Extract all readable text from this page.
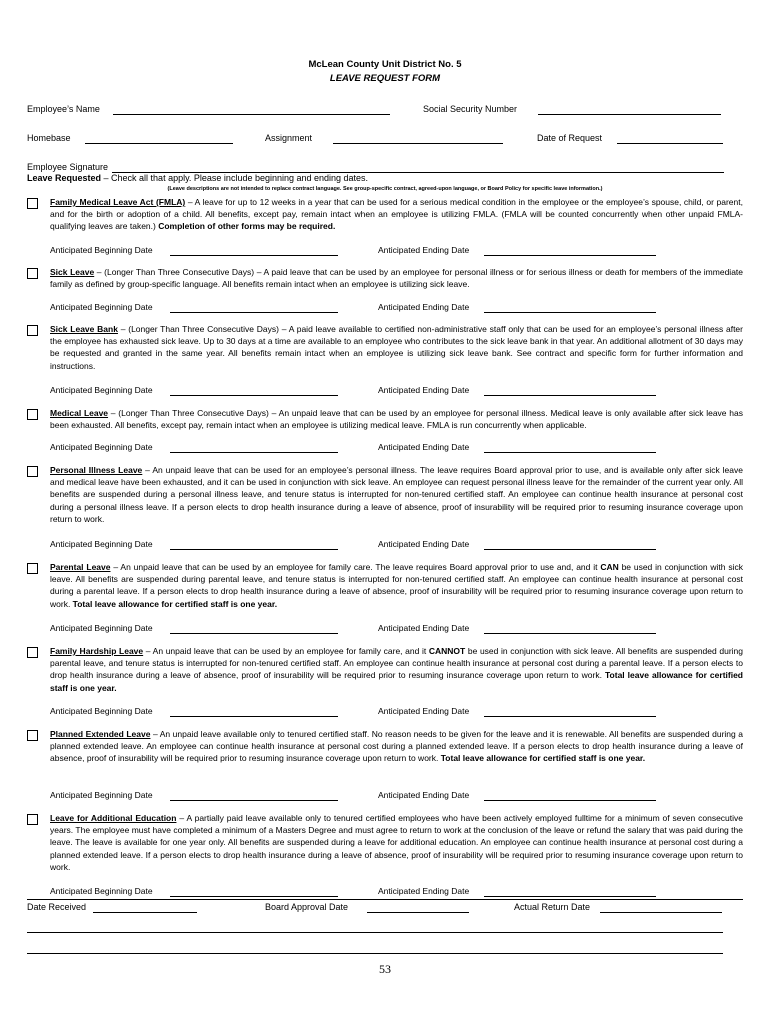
McLean County Unit District No. 5
LEAVE REQUEST FORM
Employee’s Name	Social Security Number
Homebase	Assignment	Date of Request
Employee Signature
Leave Requested – Check all that apply. Please include beginning and ending dates.
(Leave descriptions are not intended to replace contract language. See group-specific contract, agreed-upon language, or Board Policy for specific leave information.)
Family Medical Leave Act (FMLA) – A leave for up to 12 weeks in a year that can be used for a serious medical condition in the employee or the employee’s spouse, child, or parent, and for the birth or adoption of a child. All benefits, except pay, remain intact when an employee is utilizing FMLA. (FMLA will be counted concurrently when other unpaid FMLA-qualifying leaves are taken.) Completion of other forms may be required.
Anticipated Beginning Date	Anticipated Ending Date
Sick Leave – (Longer Than Three Consecutive Days) – A paid leave that can be used by an employee for personal illness or for serious illness or death for members of the immediate family as defined by group-specific language. All benefits remain intact when an employee is utilizing sick leave.
Anticipated Beginning Date	Anticipated Ending Date
Sick Leave Bank – (Longer Than Three Consecutive Days) – A paid leave available to certified non-administrative staff only that can be used for an employee’s personal illness after the employee has exhausted sick leave. Up to 30 days at a time are available to an employee who contributes to the sick leave bank in that year. An additional allotment of 30 days may be requested and granted in the same year. All benefits remain intact when an employee is utilizing sick leave bank. See contract and specific form for further information and instructions.
Anticipated Beginning Date	Anticipated Ending Date
Medical Leave – (Longer Than Three Consecutive Days) – An unpaid leave that can be used by an employee for personal illness. Medical leave is only available after sick leave has been exhausted. All benefits, except pay, remain intact when an employee is utilizing medical leave. FMLA is run concurrently when applicable.
Anticipated Beginning Date	Anticipated Ending Date
Personal Illness Leave – An unpaid leave that can be used for an employee’s personal illness. The leave requires Board approval prior to use, and is available only after sick leave and medical leave have been exhausted, and it can be used in conjunction with sick leave. An employee can request personal illness leave for the remainder of the current year only. All benefits are suspended during a personal illness leave, and tenure status is interrupted for non-tenured certified staff. An employee can continue health insurance at personal cost during a personal illness leave. If a person elects to drop health insurance during a leave of absence, proof of insurability will be required prior to resuming insurance coverage upon return to work.
Anticipated Beginning Date	Anticipated Ending Date
Parental Leave – An unpaid leave that can be used by an employee for family care. The leave requires Board approval prior to use and, and it CAN be used in conjunction with sick leave. All benefits are suspended during parental leave, and tenure status is interrupted for non-tenured certified staff. An employee can continue health insurance at personal cost during a parental leave. If a person elects to drop health insurance during a leave of absence, proof of insurability will be required prior to resuming insurance coverage upon return to work. Total leave allowance for certified staff is one year.
Anticipated Beginning Date	Anticipated Ending Date
Family Hardship Leave – An unpaid leave that can be used by an employee for family care, and it CANNOT be used in conjunction with sick leave. All benefits are suspended during parental leave, and tenure status is interrupted for non-tenured certified staff. An employee can continue health insurance at personal cost during a parental leave. If a person elects to drop health insurance during a leave of absence, proof of insurability will be required prior to resuming insurance coverage upon return to work. Total leave allowance for certified staff is one year.
Anticipated Beginning Date	Anticipated Ending Date
Planned Extended Leave – An unpaid leave available only to tenured certified staff. No reason needs to be given for the leave and it is renewable. All benefits are suspended during a planned extended leave. An employee can continue health insurance at personal cost during a planned extended leave. If a person elects to drop health insurance during a leave of absence, proof of insurability will be required prior to resuming insurance coverage upon return to work. Total leave allowance for certified staff is one year.
Anticipated Beginning Date	Anticipated Ending Date
Leave for Additional Education – A partially paid leave available only to tenured certified employees who have been actively employed fulltime for a minimum of seven consecutive years. The employee must have completed a minimum of a Masters Degree and must agree to return to work at the conclusion of the leave or refund the salary that was paid during the leave. The leave is available for one year only. All benefits are suspended during a leave for additional education. An employee can continue health insurance at personal cost during a planned extended leave. If a person elects to drop health insurance during a leave of absence, proof of insurability will be required prior to resuming insurance coverage upon return to work.
Anticipated Beginning Date	Anticipated Ending Date
Date Received	Board Approval Date	Actual Return Date
53
